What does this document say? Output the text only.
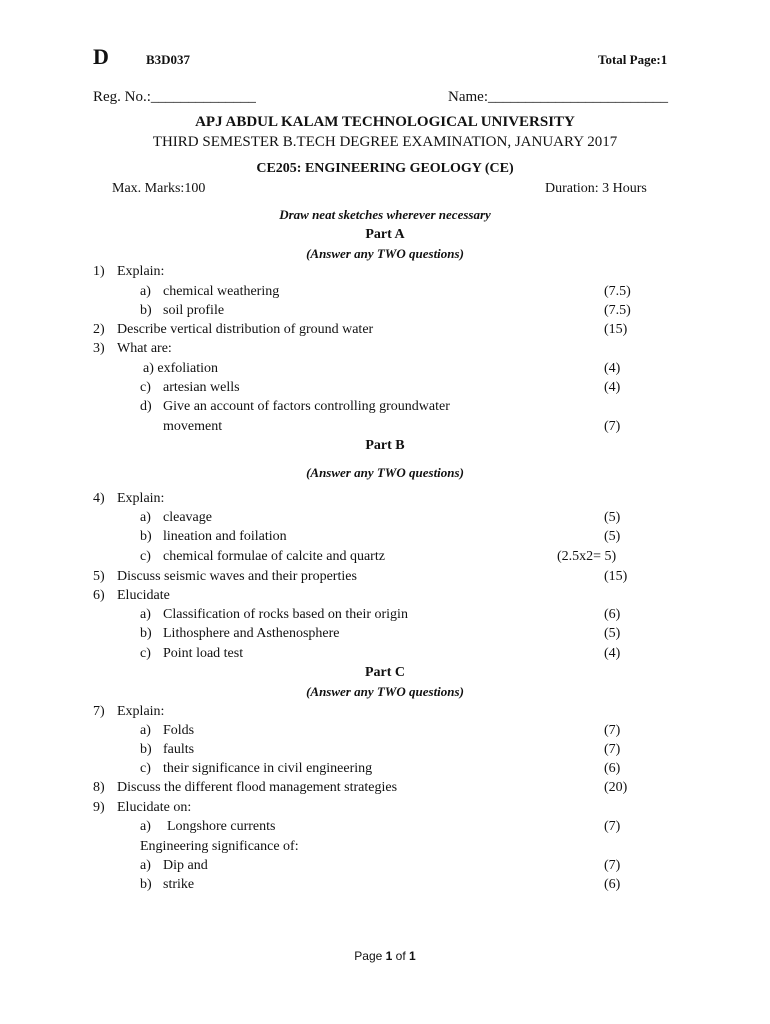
D	B3D037	Total Page:1
Reg. No.:______________	Name:________________________
APJ ABDUL KALAM TECHNOLOGICAL UNIVERSITY
THIRD SEMESTER B.TECH DEGREE EXAMINATION, JANUARY 2017
CE205: ENGINEERING GEOLOGY (CE)
Max. Marks:100	Duration: 3 Hours
Draw neat sketches wherever necessary
Part A
(Answer any TWO questions)
1) Explain:
a) chemical weathering	(7.5)
b) soil profile	(7.5)
2) Describe vertical distribution of ground water	(15)
3) What are:
a) exfoliation	(4)
c) artesian wells	(4)
d) Give an account of factors controlling groundwater
movement	(7)
Part B
(Answer any TWO questions)
4) Explain:
a) cleavage	(5)
b) lineation and foilation	(5)
c) chemical formulae of calcite and quartz	(2.5x2= 5)
5) Discuss seismic waves and their properties	(15)
6) Elucidate
a) Classification of rocks based on their origin	(6)
b) Lithosphere and Asthenosphere	(5)
c) Point load test	(4)
Part C
(Answer any TWO questions)
7) Explain:
a) Folds	(7)
b) faults	(7)
c) their significance in civil engineering	(6)
8) Discuss the different flood management strategies	(20)
9) Elucidate on:
a) Longshore currents	(7)
Engineering significance of:
a) Dip and	(7)
b) strike	(6)
Page 1 of 1
